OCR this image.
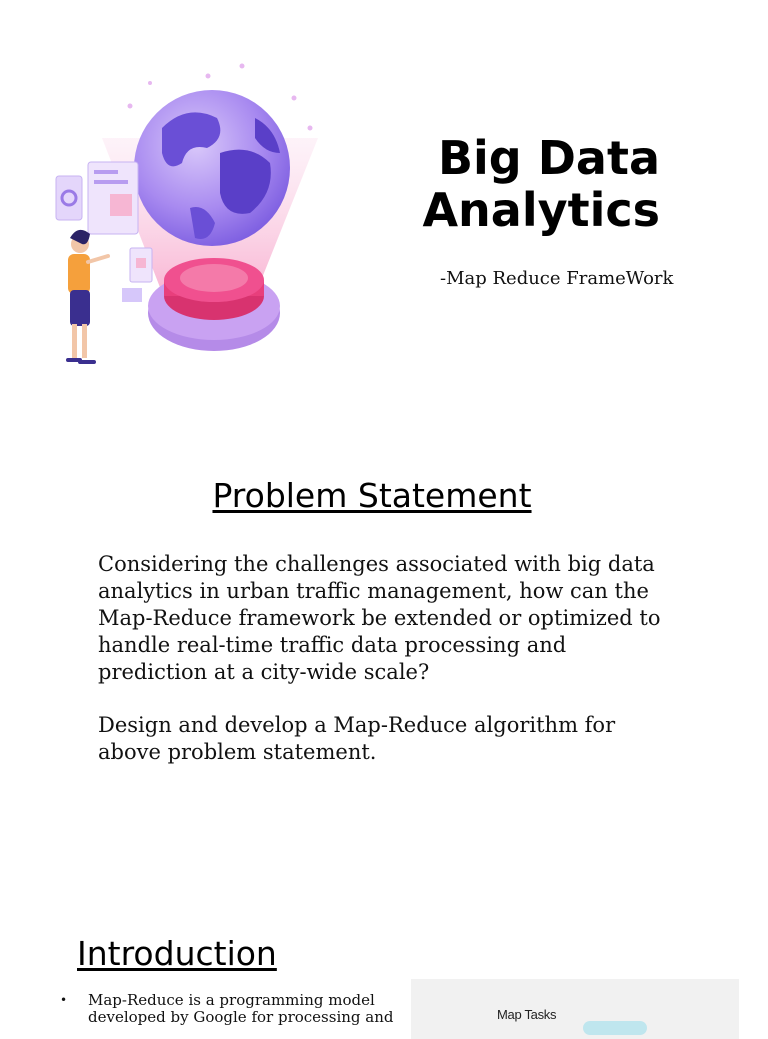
Big Data
Analytics
-Map Reduce FrameWork
Problem Statement

Considering the challenges associated with big data analytics in urban traffic management, how can the Map-Reduce framework be extended or optimized to handle real-time traffic data processing and prediction at a city-wide scale?

Design and develop a Map-Reduce algorithm for above problem statement.

Introduction
• Map-Reduce is a programming model developed by Google for processing and	Map Tasks
